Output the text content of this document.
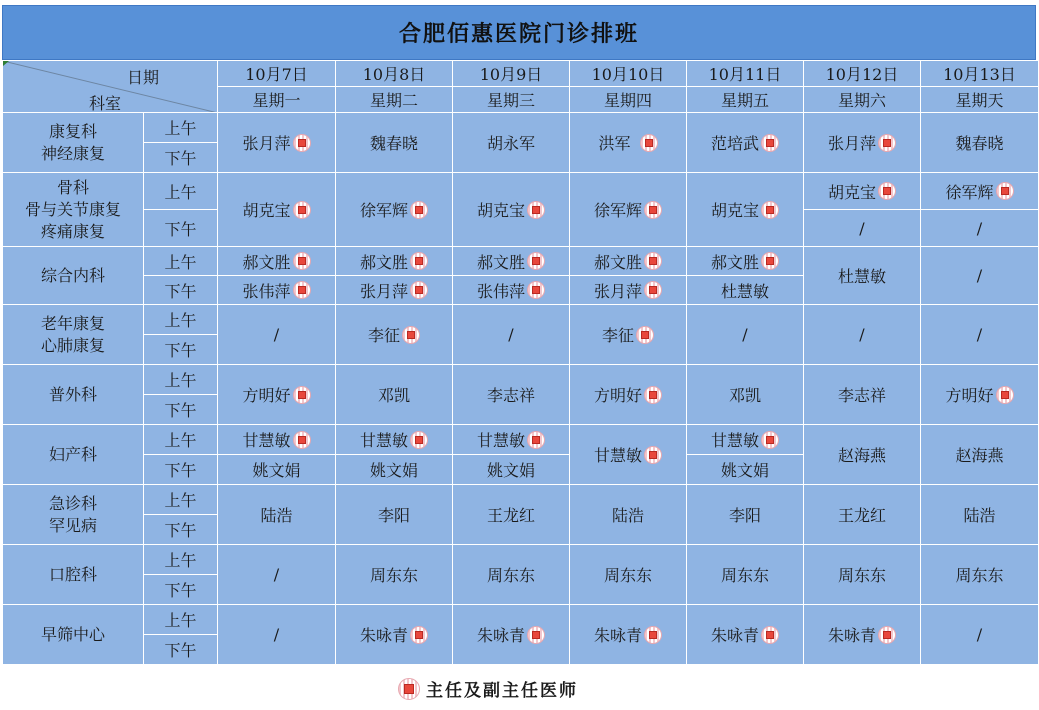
合肥佰惠医院门诊排班
日期
科室		10月7日	10月8日	10月9日	10月10日	10月11日	10月12日	10月13日
		星期一	星期二	星期三	星期四	星期五	星期六	星期天

康复科
神经康复	上午	张月萍	魏春晓	胡永军	洪军	范培武	张月萍	魏春晓

	下午							

骨科
骨与关节康复
疼痛康复	上午	胡克宝	徐军辉	胡克宝	徐军辉	胡克宝	胡克宝	徐军辉

	下午						/	/

综合内科	上午	郝文胜	郝文胜	郝文胜	郝文胜	郝文胜	杜慧敏	/
	下午	张伟萍	张月萍	张伟萍	张月萍	杜慧敏		

老年康复
心肺康复	上午	/	李征	/	李征	/	/	/
	下午							

普外科	上午	方明好	邓凯	李志祥	方明好	邓凯	李志祥	方明好

	下午							

妇产科	上午	甘慧敏	甘慧敏	甘慧敏	甘慧敏	甘慧敏	赵海燕	赵海燕

	下午	姚文娟	姚文娟	姚文娟		姚文娟		

急诊科
罕见病	上午	陆浩	李阳	王龙红	陆浩	李阳	王龙红	陆浩

	下午							

口腔科	上午	/	周东东	周东东	周东东	周东东	周东东	周东东

	下午							

早筛中心	上午	/	朱咏青	朱咏青	朱咏青	朱咏青	朱咏青	/
	下午							
主任及副主任医师
